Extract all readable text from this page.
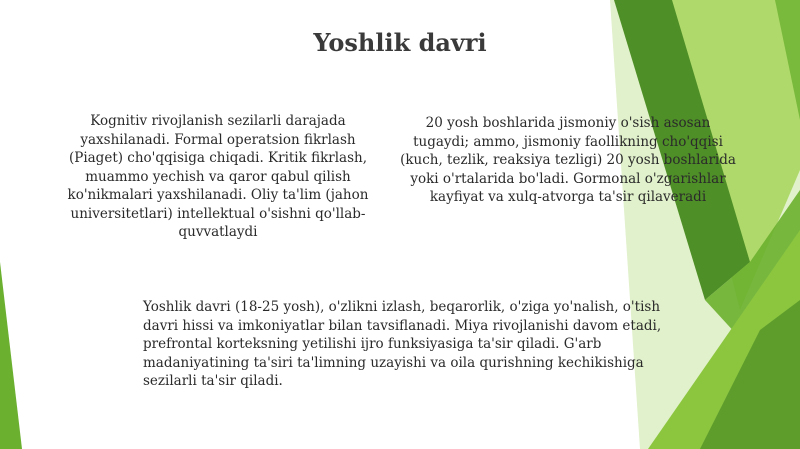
Yoshlik davri

Kognitiv rivojlanish sezilarli darajada yaxshilanadi. Formal operatsion fikrlash (Piaget) cho'qqisiga chiqadi. Kritik fikrlash, muammo yechish va qaror qabul qilish ko'nikmalari yaxshilanadi. Oliy ta'lim (jahon universitetlari) intellektual o'sishni qo'llab-quvvatlaydi

20 yosh boshlarida jismoniy o'sish asosan tugaydi; ammo, jismoniy faollikning cho'qqisi (kuch, tezlik, reaksiya tezligi) 20 yosh boshlarida yoki o'rtalarida bo'ladi. Gormonal o'zgarishlar kayfiyat va xulq-atvorga ta'sir qilaveradi

Yoshlik davri (18-25 yosh), o'zlikni izlash, beqarorlik, o'ziga yo'nalish, o'tish davri hissi va imkoniyatlar bilan tavsiflanadi. Miya rivojlanishi davom etadi, prefrontal korteksning yetilishi ijro funksiyasiga ta'sir qiladi. G'arb madaniyatining ta'siri ta'limning uzayishi va oila qurishning kechikishiga sezilarli ta'sir qiladi.
